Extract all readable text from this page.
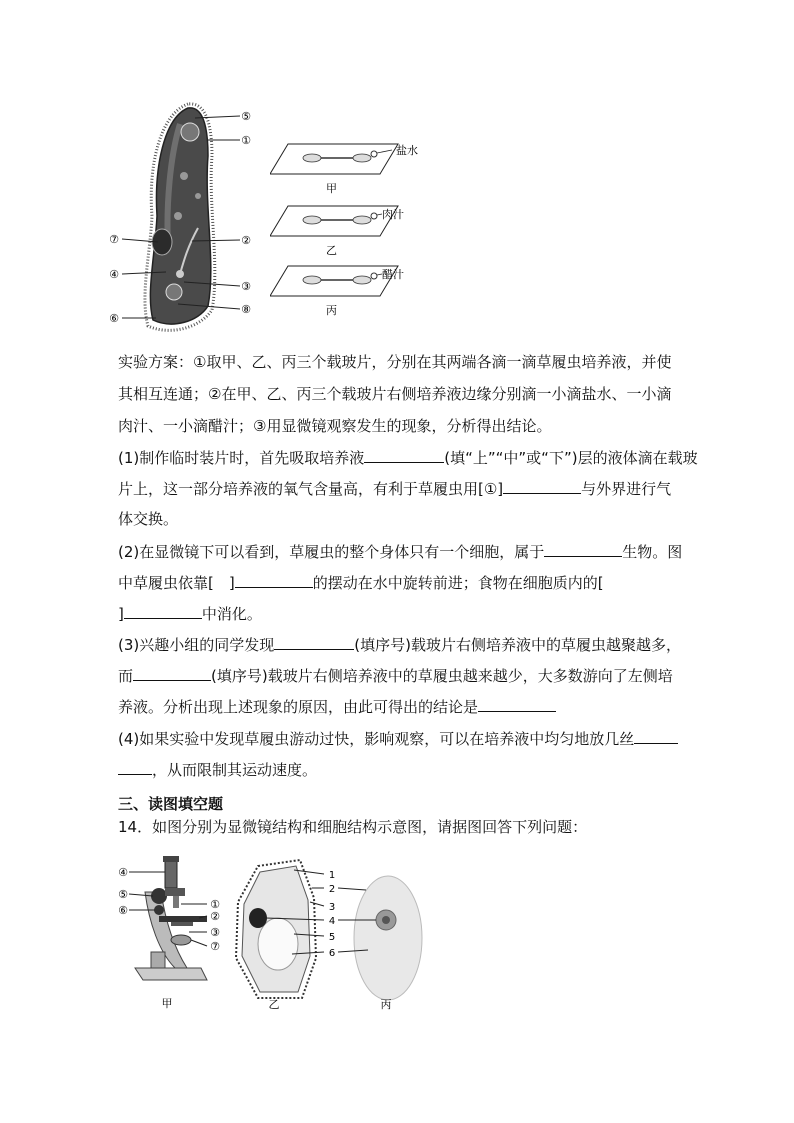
⑤
①
⑦	②
④
③
⑥
⑧
盐水
甲
肉汁
乙
醋汁
丙
实验方案：①取甲、乙、丙三个载玻片，分别在其两端各滴一滴草履虫培养液，并使
其相互连通；②在甲、乙、丙三个载玻片右侧培养液边缘分别滴一小滴盐水、一小滴
肉汁、一小滴醋汁；③用显微镜观察发生的现象，分析得出结论。
(1)制作临时装片时，首先吸取培养液	(填“上”“中”或“下”)层的液体滴在载玻
片上，这一部分培养液的氧气含量高，有利于草履虫用[①]	与外界进行气
体交换。
(2)在显微镜下可以看到，草履虫的整个身体只有一个细胞，属于	生物。图
中草履虫依靠[　]	的摆动在水中旋转前进；食物在细胞质内的[
]	中消化。
(3)兴趣小组的同学发现	(填序号)载玻片右侧培养液中的草履虫越聚越多，
而	(填序号)载玻片右侧培养液中的草履虫越来越少，大多数游向了左侧培
养液。分析出现上述现象的原因，由此可得出的结论是
(4)如果实验中发现草履虫游动过快，影响观察，可以在培养液中均匀地放几丝
，从而限制其运动速度。
三、读图填空题
14．如图分别为显微镜结构和细胞结构示意图，请据图回答下列问题：
④
⑤
⑥	①
②
③
⑦
甲
1
2
3
4
5
6
乙	丙
